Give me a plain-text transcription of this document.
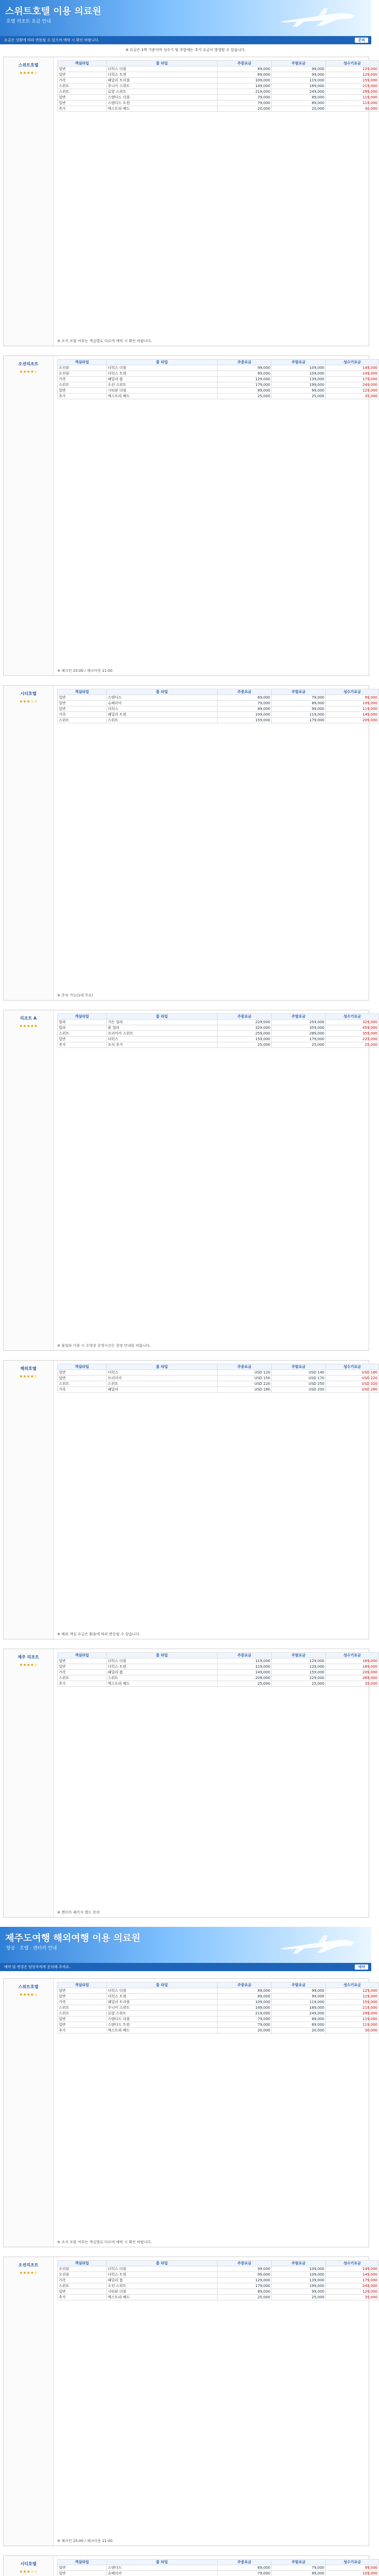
스위트호텔 이용 의료원
호텔 리조트 요금 안내
요금은 상황에 따라 변동될 수 있으며 예약 시 확인 바랍니다.	문의
※ 요금은 1박 기준이며 성수기 및 주말에는 추가 요금이 발생할 수 있습니다.
스위트호텔
★★★★☆
객실타입	룸 타입	주중요금	주말요금	성수기요금
일반	디럭스 더블	89,000	99,000	129,000
일반	디럭스 트윈	89,000	99,000	129,000
가족	패밀리 트리플	109,000	119,000	159,000
스위트	주니어 스위트	149,000	169,000	219,000
스위트	로얄 스위트	219,000	249,000	299,000
일반	스탠다드 더블	79,000	89,000	119,000
일반	스탠다드 트윈	79,000	89,000	119,000
추가	엑스트라 베드	20,000	20,000	30,000
※ 조식 포함 여부는 객실별로 다르며 예약 시 확인 바랍니다.
오션리조트
★★★★☆
객실타입	룸 타입	주중요금	주말요금	성수기요금
오션뷰	디럭스 더블	99,000	109,000	149,000
오션뷰	디럭스 트윈	99,000	109,000	149,000
가족	패밀리 룸	129,000	139,000	179,000
스위트	오션 스위트	179,000	199,000	249,000
일반	시티뷰 더블	89,000	99,000	129,000
추가	엑스트라 베드	25,000	25,000	35,000
※ 체크인 15:00 / 체크아웃 11:00
시티호텔
★★★☆☆
객실타입	룸 타입	주중요금	주말요금	성수기요금
일반	스탠다드	69,000	79,000	99,000
일반	슈페리어	79,000	89,000	109,000
일반	디럭스	89,000	99,000	119,000
가족	패밀리 트윈	109,000	119,000	149,000
스위트	스위트	159,000	179,000	209,000
※ 주차 가능(1대 무료)
리조트 A
★★★★★
객실타입	룸 타입	주중요금	주말요금	성수기요금
빌라	가든 빌라	229,000	259,000	329,000
빌라	풀 빌라	329,000	359,000	459,000
스위트	프리미어 스위트	259,000	289,000	359,000
일반	디럭스	159,000	179,000	229,000
추가	조식 추가	25,000	25,000	25,000
※ 풀빌라 이용 시 수영장 운영시간은 현장 안내를 따릅니다.
해외호텔
★★★★☆
객실타입	룸 타입	주중요금	주말요금	성수기요금
일반	디럭스	USD 120	USD 140	USD 180
일반	프리미어	USD 150	USD 170	USD 220
스위트	스위트	USD 220	USD 250	USD 320
가족	패밀리	USD 180	USD 200	USD 260
※ 해외 객실 요금은 환율에 따라 변동될 수 있습니다.
제주 리조트
★★★★☆
객실타입	룸 타입	주중요금	주말요금	성수기요금
일반	디럭스 더블	119,000	129,000	169,000
일반	디럭스 트윈	119,000	129,000	169,000
가족	패밀리 룸	149,000	159,000	209,000
스위트	스위트	209,000	229,000	289,000
추가	엑스트라 베드	25,000	25,000	35,000
※ 렌터카 패키지 별도 문의
제주도여행 해외여행 이용 의료원
항공 · 호텔 · 렌터카 안내
예약 및 변경은 담당자에게 문의해 주세요.	예약
스위트호텔
★★★★☆
객실타입	룸 타입	주중요금	주말요금	성수기요금
일반	디럭스 더블	89,000	99,000	129,000
일반	디럭스 트윈	89,000	99,000	129,000
가족	패밀리 트리플	109,000	119,000	159,000
스위트	주니어 스위트	149,000	169,000	219,000
스위트	로얄 스위트	219,000	249,000	299,000
일반	스탠다드 더블	79,000	89,000	119,000
일반	스탠다드 트윈	79,000	89,000	119,000
추가	엑스트라 베드	20,000	20,000	30,000
※ 조식 포함 여부는 객실별로 다르며 예약 시 확인 바랍니다.
오션리조트
★★★★☆
객실타입	룸 타입	주중요금	주말요금	성수기요금
오션뷰	디럭스 더블	99,000	109,000	149,000
오션뷰	디럭스 트윈	99,000	109,000	149,000
가족	패밀리 룸	129,000	139,000	179,000
스위트	오션 스위트	179,000	199,000	249,000
일반	시티뷰 더블	89,000	99,000	129,000
추가	엑스트라 베드	25,000	25,000	35,000
※ 체크인 15:00 / 체크아웃 11:00
시티호텔
★★★☆☆
객실타입	룸 타입	주중요금	주말요금	성수기요금
일반	스탠다드	69,000	79,000	99,000
일반	슈페리어	79,000	89,000	109,000
